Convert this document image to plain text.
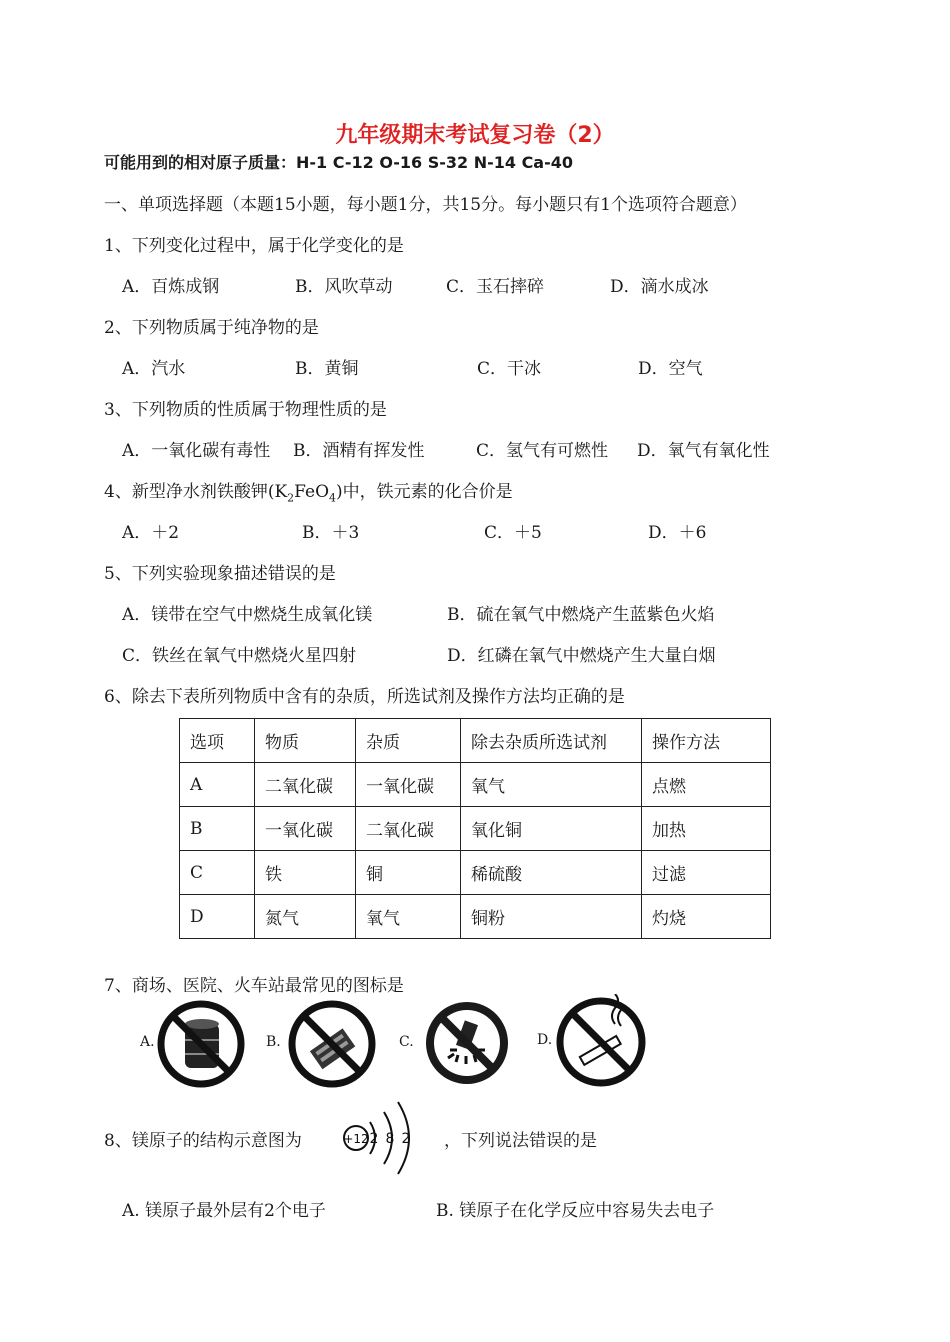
九年级期末考试复习卷（2）
可能用到的相对原子质量：H-1 C-12 O-16 S-32 N-14 Ca-40
一、单项选择题（本题15小题，每小题1分，共15分。每小题只有1个选项符合题意）
1、下列变化过程中，属于化学变化的是
A．百炼成钢	B．风吹草动	C．玉石摔碎	D．滴水成冰
2、下列物质属于纯净物的是
A．汽水	B．黄铜	C．干冰	D．空气
3、下列物质的性质属于物理性质的是
A．一氧化碳有毒性 B．酒精有挥发性	C．氢气有可燃性 D．氧气有氧化性
4、新型净水剂铁酸钾$(K_2FeO_4)$中，铁元素的化合价是
A．＋2	B．＋3	C．＋5	D．＋6
5、下列实验现象描述错误的是
A．镁带在空气中燃烧生成氧化镁	B．硫在氧气中燃烧产生蓝紫色火焰
C．铁丝在氧气中燃烧火星四射	D．红磷在氧气中燃烧产生大量白烟
6、除去下表所列物质中含有的杂质，所选试剂及操作方法均正确的是
选项	物质	杂质	除去杂质所选试剂	操作方法
A	二氧化碳	一氧化碳	氧气	点燃
B	一氧化碳	二氧化碳	氧化铜	加热
C	铁	铜	稀硫酸	过滤
D	氮气	氧气	铜粉	灼烧
7、商场、医院、火车站最常见的图标是
A.	B.	C.	D.
8、镁原子的结构示意图为	+12 2 8 2 ，下列说法错误的是
A. 镁原子最外层有2个电子	B. 镁原子在化学反应中容易失去电子
